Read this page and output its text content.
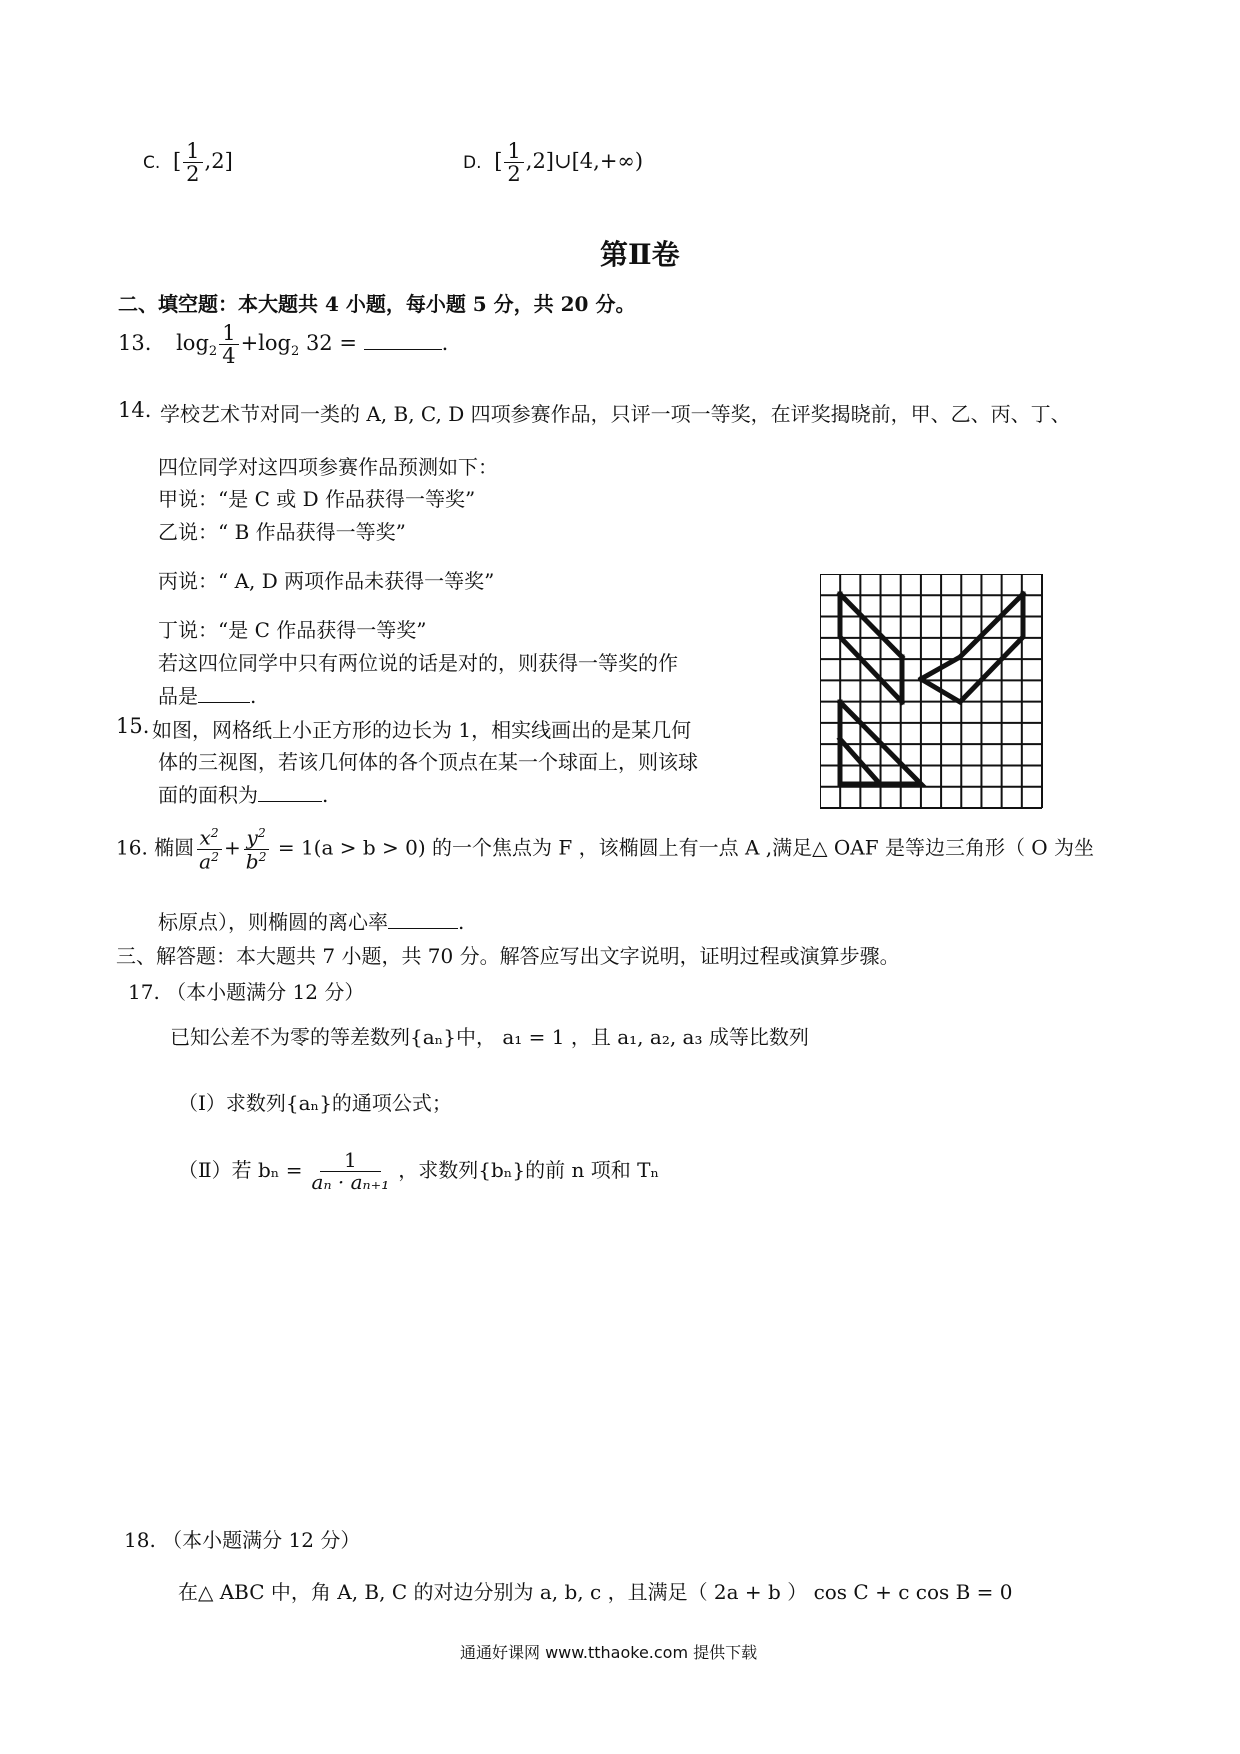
C. [ $\frac{1}{2} ,2$]	D. [ $\frac{1}{2}$ ,2]∪[4,+∞)
第Ⅱ卷
二、填空题：本大题共 4 小题，每小题 5 分，共 20 分。
13. $\log_2 \frac{1}{4} +\log_2$ 32 =	.
14. 学校艺术节对同一类的 A, B, C, D 四项参赛作品，只评一项一等奖，在评奖揭晓前，甲、乙、丙、丁、
四位同学对这四项参赛作品预测如下：
甲说：“是 C 或 D 作品获得一等奖”
乙说：“ B 作品获得一等奖”
丙说：“ A, D 两项作品未获得一等奖”
丁说：“是 C 作品获得一等奖”
若这四位同学中只有两位说的话是对的，则获得一等奖的作
品是	.
15. 如图，网格纸上小正方形的边长为 1，相实线画出的是某几何
体的三视图，若该几何体的各个顶点在某一个球面上，则该球
面的面积为	.
16. 椭圆 $\frac{x^2}{a^2} + \frac{y^2}{b^2} = 1(a > b > 0)$ 的一个焦点为 F ，该椭圆上有一点 A ,满足△ OAF 是等边三角形（ O 为坐
标原点），则椭圆的离心率	.
三、解答题：本大题共 7 小题，共 70 分。解答应写出文字说明，证明过程或演算步骤。
17. （本小题满分 12 分）
已知公差不为零的等差数列{aₙ}中， a₁ = 1 ，且 a₁, a₂, a₃ 成等比数列
（Ⅰ）求数列{aₙ}的通项公式；
（Ⅱ）若 $b_n = \frac{1}{\text{aₙ · aₙ₊₁}}$ ，求数列{bₙ}的前 n 项和 Tₙ
18. （本小题满分 12 分）
在△ ABC 中，角 A, B, C 的对边分别为 a, b, c ，且满足（ 2a + b ） cos C + c cos B = 0
通通好课网 www.tthaoke.com 提供下载
